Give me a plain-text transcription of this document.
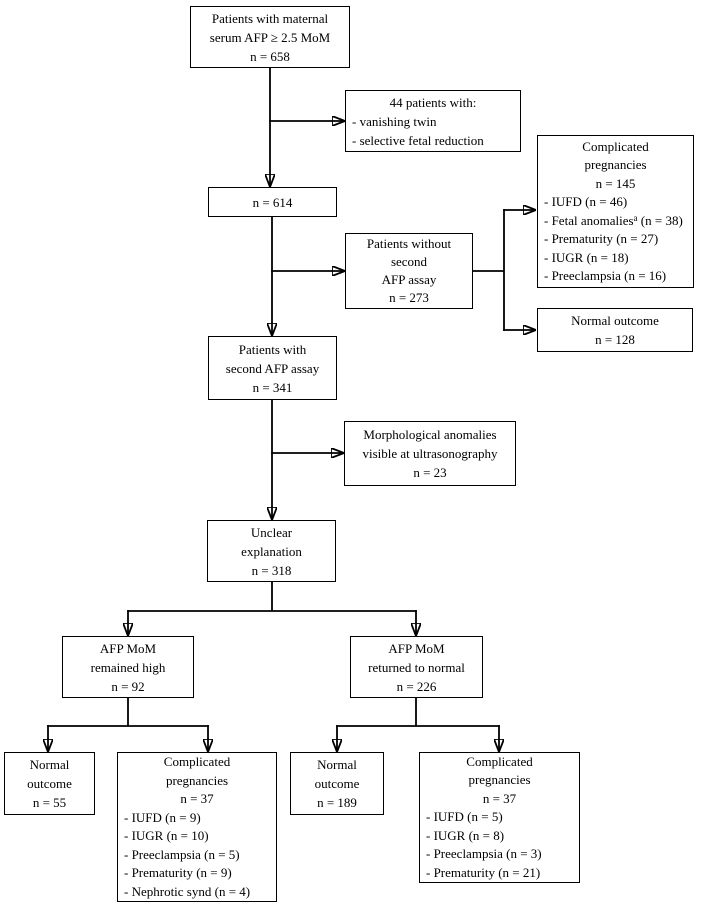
Patients with maternal
serum AFP ≥ 2.5 MoM
n = 658
44 patients with:
- vanishing twin
- selective fetal reduction
n = 614
Patients without
second
AFP assay
n = 273
Complicated
pregnancies
n = 145
- IUFD (n = 46)
- Fetal anomalies$^a$ (n = 38)
- Prematurity (n = 27)
- IUGR (n = 18)
- Preeclampsia (n = 16)
Normal outcome
n = 128
Patients with
second AFP assay
n = 341
Morphological anomalies
visible at ultrasonography
n = 23
Unclear
explanation
n = 318
AFP MoM
remained high
n = 92
AFP MoM
returned to normal
n = 226
Normal
outcome
n = 55
Complicated
pregnancies
n = 37
- IUFD (n = 9)
- IUGR (n = 10)
- Preeclampsia (n = 5)
- Prematurity (n = 9)
- Nephrotic synd (n = 4)
Normal
outcome
n = 189
Complicated
pregnancies
n = 37
- IUFD (n = 5)
- IUGR (n = 8)
- Preeclampsia (n = 3)
- Prematurity (n = 21)
